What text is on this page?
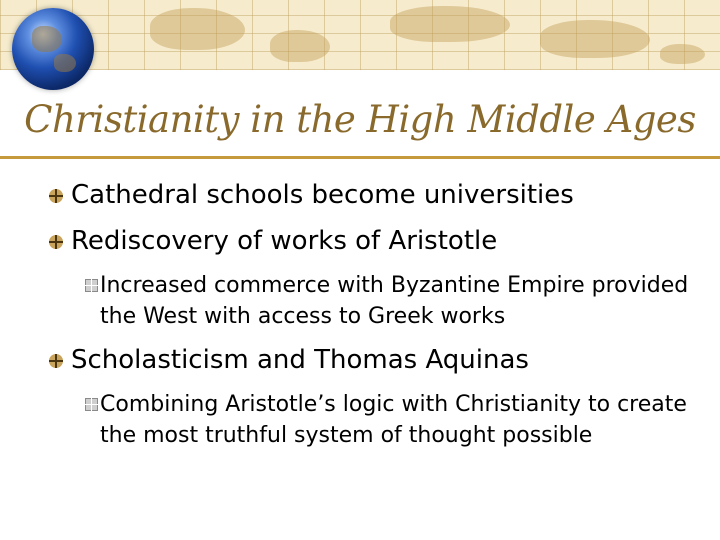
Christianity in the High Middle Ages
Cathedral schools become universities
Rediscovery of works of Aristotle
Increased commerce with Byzantine Empire provided the West with access to Greek works
Scholasticism and Thomas Aquinas
Combining Aristotle’s logic with Christianity to create the most truthful system of thought possible
